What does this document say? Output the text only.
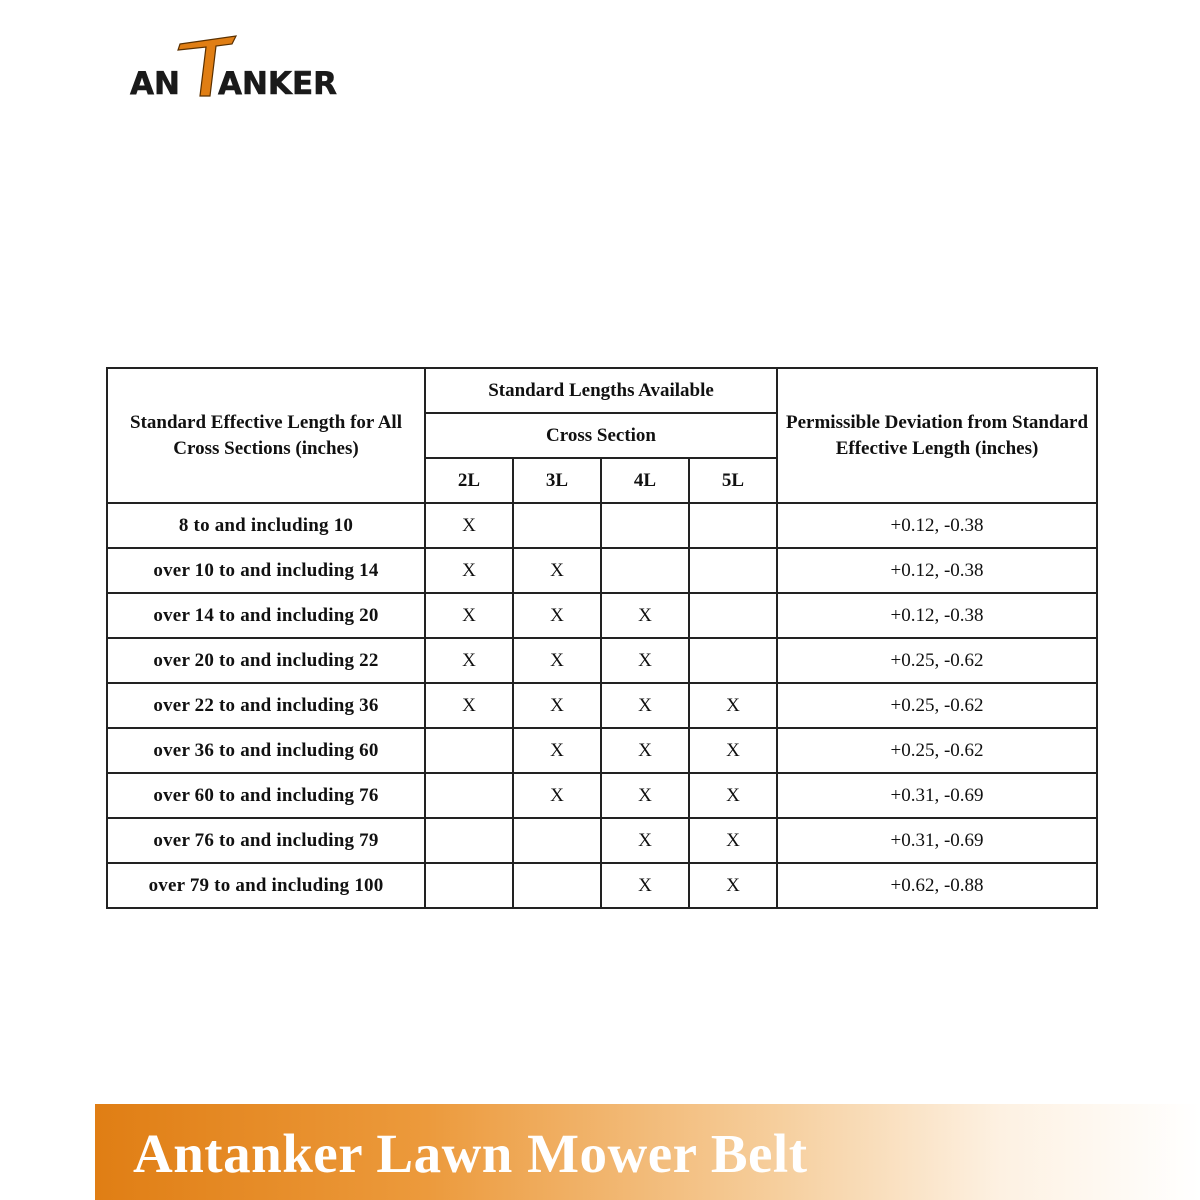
AN ANKER
Standard Effective Length for All Cross Sections (inches)	Standard Lengths Available				Permissible Deviation from Standard Effective Length (inches)
	Cross Section				
	2L	3L	4L	5L	
8 to and including 10	X				+0.12, -0.38
over 10 to and including 14	X	X			+0.12, -0.38
over 14 to and including 20	X	X	X		+0.12, -0.38
over 20 to and including 22	X	X	X		+0.25, -0.62
over 22 to and including 36	X	X	X	X	+0.25, -0.62
over 36 to and including 60		X	X	X	+0.25, -0.62
over 60 to and including 76		X	X	X	+0.31, -0.69
over 76 to and including 79			X	X	+0.31, -0.69
over 79 to and including 100			X	X	+0.62, -0.88
Antanker Lawn Mower Belt
